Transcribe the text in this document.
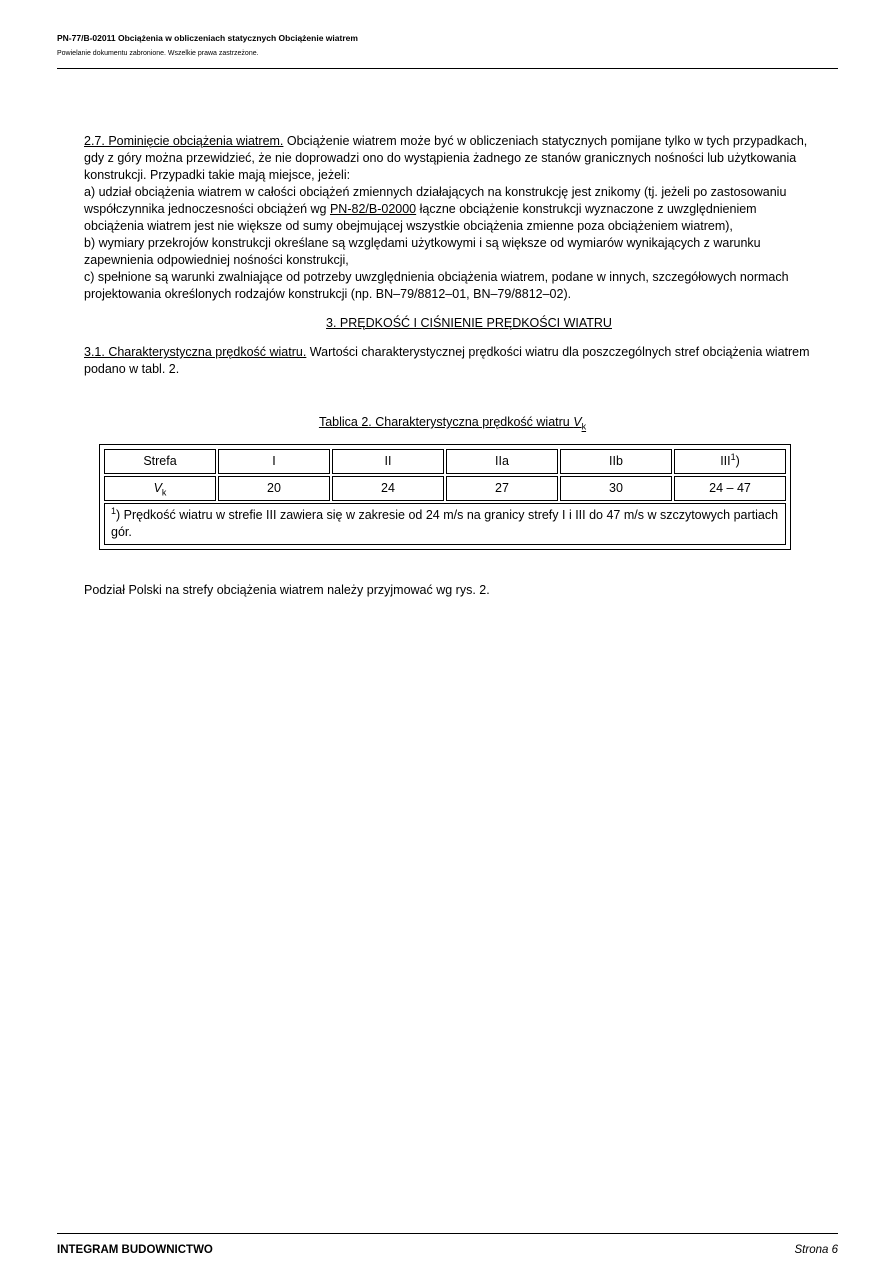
PN-77/B-02011 Obciążenia w obliczeniach statycznych Obciążenie wiatrem
Powielanie dokumentu zabronione. Wszelkie prawa zastrzeżone.

2.7. Pominięcie obciążenia wiatrem. Obciążenie wiatrem może być w obliczeniach statycznych pomijane tylko w tych przypadkach, gdy z góry można przewidzieć, że nie doprowadzi ono do wystąpienia żadnego ze stanów granicznych nośności lub użytkowania konstrukcji. Przypadki takie mają miejsce, jeżeli:

a) udział obciążenia wiatrem w całości obciążeń zmiennych działających na konstrukcję jest znikomy (tj. jeżeli po zastosowaniu współczynnika jednoczesności obciążeń wg PN-82/B-02000 łączne obciążenie konstrukcji wyznaczone z uwzględnieniem obciążenia wiatrem jest nie większe od sumy obejmującej wszystkie obciążenia zmienne poza obciążeniem wiatrem),

b) wymiary przekrojów konstrukcji określane są względami użytkowymi i są większe od wymiarów wynikających z warunku zapewnienia odpowiedniej nośności konstrukcji,

c) spełnione są warunki zwalniające od potrzeby uwzględnienia obciążenia wiatrem, podane w innych, szczegółowych normach projektowania określonych rodzajów konstrukcji (np. BN–79/8812–01, BN–79/8812–02).

3. PRĘDKOŚĆ I CIŚNIENIE PRĘDKOŚCI WIATRU

3.1. Charakterystyczna prędkość wiatru. Wartości charakterystycznej prędkości wiatru dla poszczególnych stref obciążenia wiatrem podano w tabl. 2.

Tablica 2. Charakterystyczna prędkość wiatru $V_k$
Strefa	I	II	IIa	IIb	III$^1$)
$V_k$	20	24	27	30	24 – 47
$^1$) Prędkość wiatru w strefie III zawiera się w zakresie od 24 m/s na granicy strefy I i III do 47 m/s w szczytowych partiach gór.					

Podział Polski na strefy obciążenia wiatrem należy przyjmować wg rys. 2.

INTEGRAM BUDOWNICTWO	Strona 6
